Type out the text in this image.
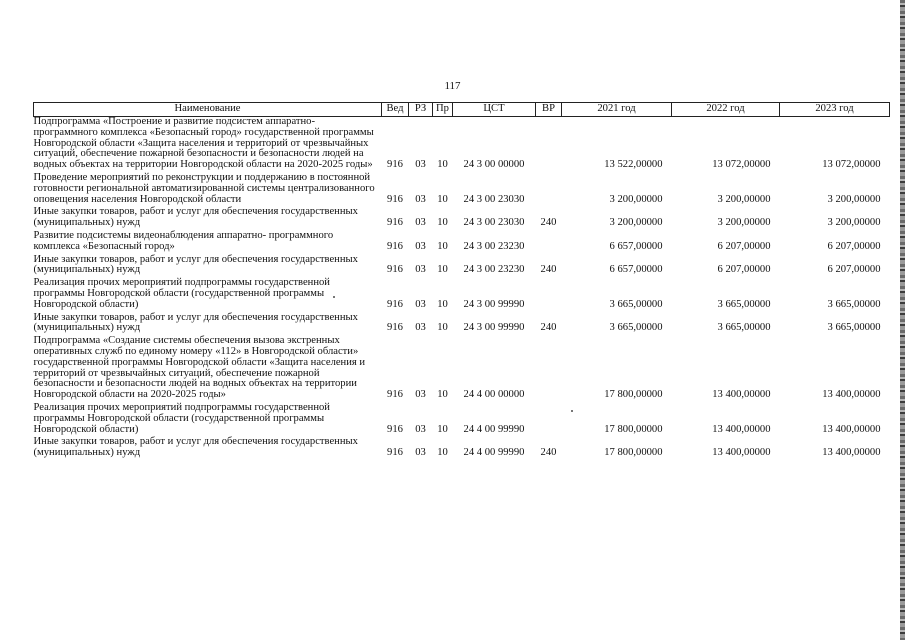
117
Наименование	Вед	РЗ	Пр	ЦСТ	ВР	2021 год	2022 год	2023 год
Подпрограмма «Построение и развитие подсистем аппаратно-программного комплекса «Безопасный город» государственной программы Новгородской области «Защита населения и территорий от чрезвычайных ситуаций, обеспечение пожарной безопасности и безопасности людей на водных объектах на территории Новгородской области на 2020-2025 годы»	916	03	10	24 3 00 00000		13 522,00000	13 072,00000	13 072,00000
Проведение мероприятий по реконструкции и поддержанию в постоянной готовности региональной автоматизированной системы централизованного оповещения населения Новгородской области	916	03	10	24 3 00 23030		3 200,00000	3 200,00000	3 200,00000
Иные закупки товаров, работ и услуг для обеспечения государственных (муниципальных) нужд	916	03	10	24 3 00 23030	240	3 200,00000	3 200,00000	3 200,00000
Развитие подсистемы видеонаблюдения аппаратно- программного комплекса «Безопасный город»	916	03	10	24 3 00 23230		6 657,00000	6 207,00000	6 207,00000
Иные закупки товаров, работ и услуг для обеспечения государственных (муниципальных) нужд	916	03	10	24 3 00 23230	240	6 657,00000	6 207,00000	6 207,00000
Реализация прочих мероприятий подпрограммы государственной программы Новгородской области (государственной программы Новгородской области)	916	03	10	24 3 00 99990		3 665,00000	3 665,00000	3 665,00000
Иные закупки товаров, работ и услуг для обеспечения государственных (муниципальных) нужд	916	03	10	24 3 00 99990	240	3 665,00000	3 665,00000	3 665,00000
Подпрограмма «Создание системы обеспечения вызова экстренных оперативных служб по единому номеру «112» в Новгородской области» государственной программы Новгородской области «Защита населения и территорий от чрезвычайных ситуаций, обеспечение пожарной безопасности и безопасности людей на водных объектах на территории Новгородской области на 2020-2025 годы»	916	03	10	24 4 00 00000		17 800,00000	13 400,00000	13 400,00000
Реализация прочих мероприятий подпрограммы государственной программы Новгородской области (государственной программы Новгородской области)	916	03	10	24 4 00 99990		17 800,00000	13 400,00000	13 400,00000
Иные закупки товаров, работ и услуг для обеспечения государственных (муниципальных) нужд	916	03	10	24 4 00 99990	240	17 800,00000	13 400,00000	13 400,00000
